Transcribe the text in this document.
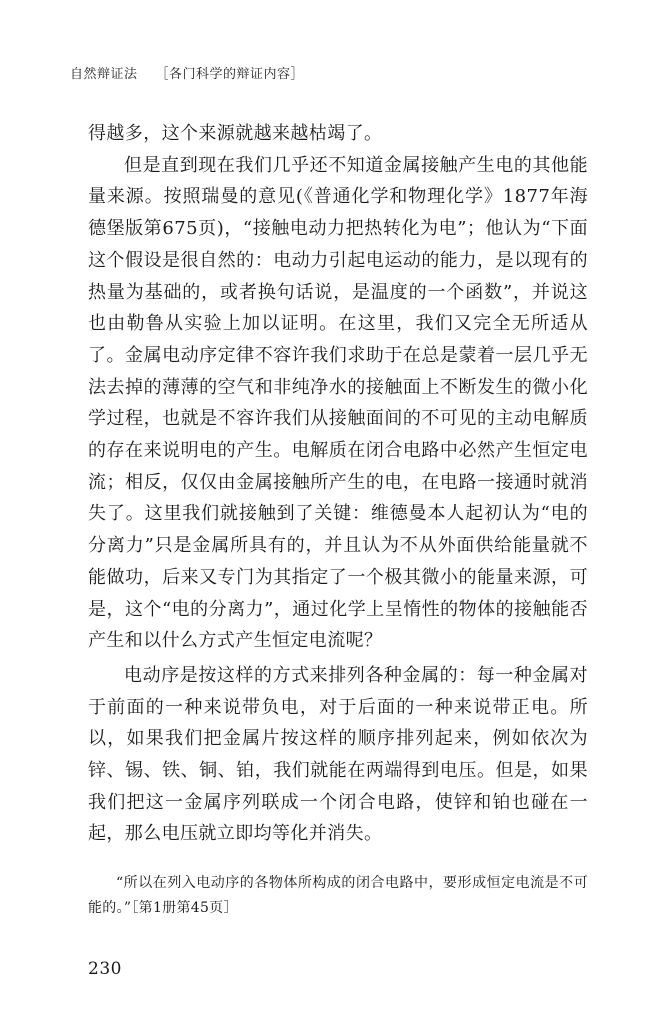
自然辩证法 ［各门科学的辩证内容］

得越多，这个来源就越来越枯竭了。

但是直到现在我们几乎还不知道金属接触产生电的其他能量来源。按照瑞曼的意见(《普通化学和物理化学》1877年海德堡版第675页)，“接触电动力把热转化为电”；他认为“下面这个假设是很自然的：电动力引起电运动的能力，是以现有的热量为基础的，或者换句话说，是温度的一个函数”，并说这也由勒鲁从实验上加以证明。在这里，我们又完全无所适从了。金属电动序定律不容许我们求助于在总是蒙着一层几乎无法去掉的薄薄的空气和非纯净水的接触面上不断发生的微小化学过程，也就是不容许我们从接触面间的不可见的主动电解质的存在来说明电的产生。电解质在闭合电路中必然产生恒定电流；相反，仅仅由金属接触所产生的电，在电路一接通时就消失了。这里我们就接触到了关键：维德曼本人起初认为“电的分离力”只是金属所具有的，并且认为不从外面供给能量就不能做功，后来又专门为其指定了一个极其微小的能量来源，可是，这个“电的分离力”，通过化学上呈惰性的物体的接触能否产生和以什么方式产生恒定电流呢？

电动序是按这样的方式来排列各种金属的：每一种金属对于前面的一种来说带负电，对于后面的一种来说带正电。所以，如果我们把金属片按这样的顺序排列起来，例如依次为锌、锡、铁、铜、铂，我们就能在两端得到电压。但是，如果我们把这一金属序列联成一个闭合电路，使锌和铂也碰在一起，那么电压就立即均等化并消失。

“所以在列入电动序的各物体所构成的闭合电路中，要形成恒定电流是不可能的。”［第1册第45页］

230
